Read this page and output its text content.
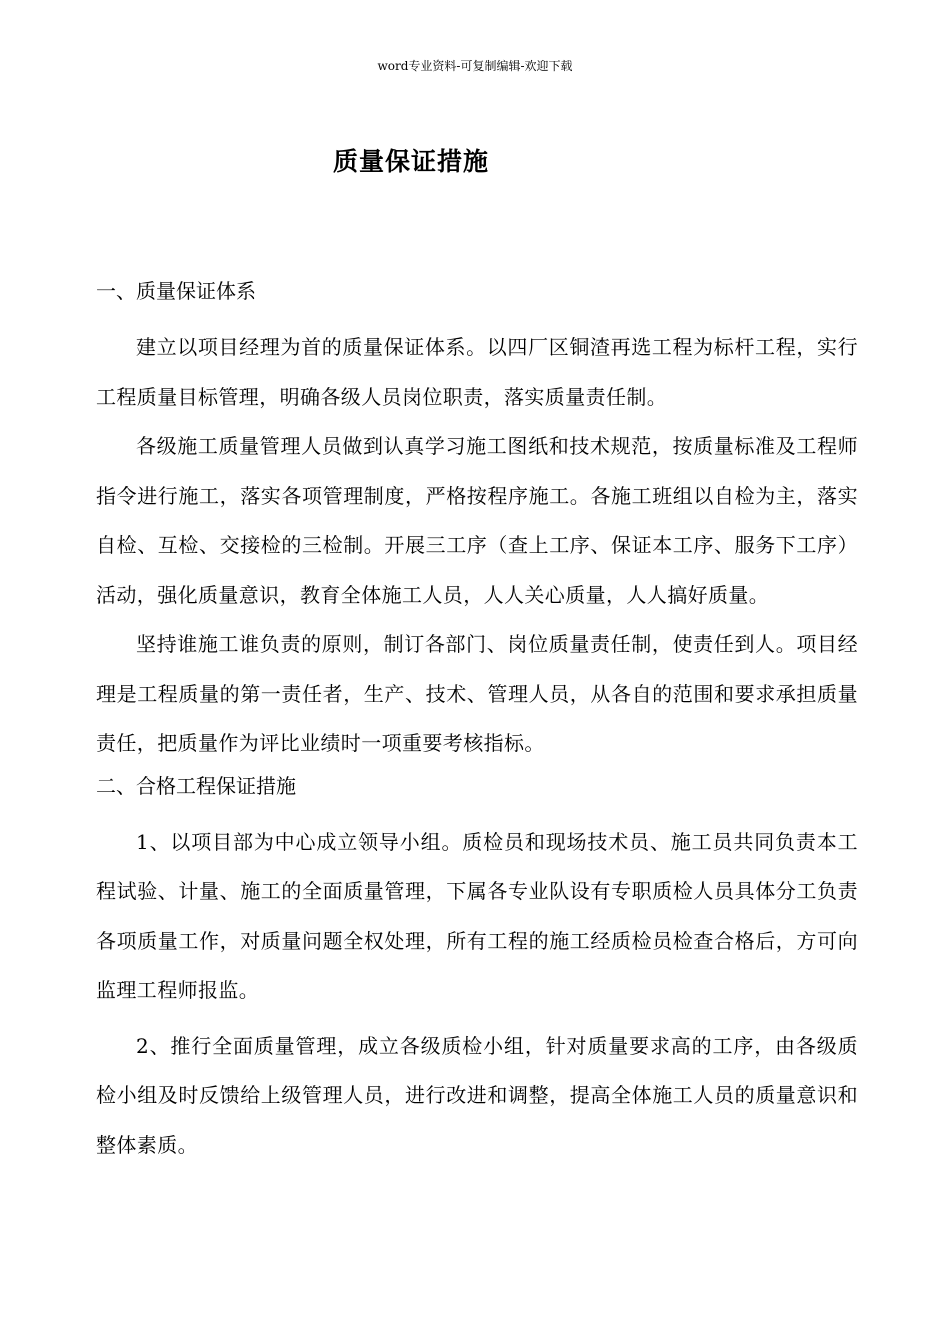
word专业资料-可复制编辑-欢迎下载
质量保证措施
一、质量保证体系

建立以项目经理为首的质量保证体系。以四厂区铜渣再选工程为标杆工程，实行工程质量目标管理，明确各级人员岗位职责，落实质量责任制。

各级施工质量管理人员做到认真学习施工图纸和技术规范，按质量标准及工程师指令进行施工，落实各项管理制度，严格按程序施工。各施工班组以自检为主，落实自检、互检、交接检的三检制。开展三工序（查上工序、保证本工序、服务下工序）活动，强化质量意识，教育全体施工人员，人人关心质量，人人搞好质量。

坚持谁施工谁负责的原则，制订各部门、岗位质量责任制，使责任到人。项目经理是工程质量的第一责任者，生产、技术、管理人员，从各自的范围和要求承担质量责任，把质量作为评比业绩时一项重要考核指标。

二、合格工程保证措施

1、以项目部为中心成立领导小组。质检员和现场技术员、施工员共同负责本工程试验、计量、施工的全面质量管理，下属各专业队设有专职质检人员具体分工负责各项质量工作，对质量问题全权处理，所有工程的施工经质检员检查合格后，方可向监理工程师报监。

2、推行全面质量管理，成立各级质检小组，针对质量要求高的工序，由各级质检小组及时反馈给上级管理人员，进行改进和调整，提高全体施工人员的质量意识和整体素质。
